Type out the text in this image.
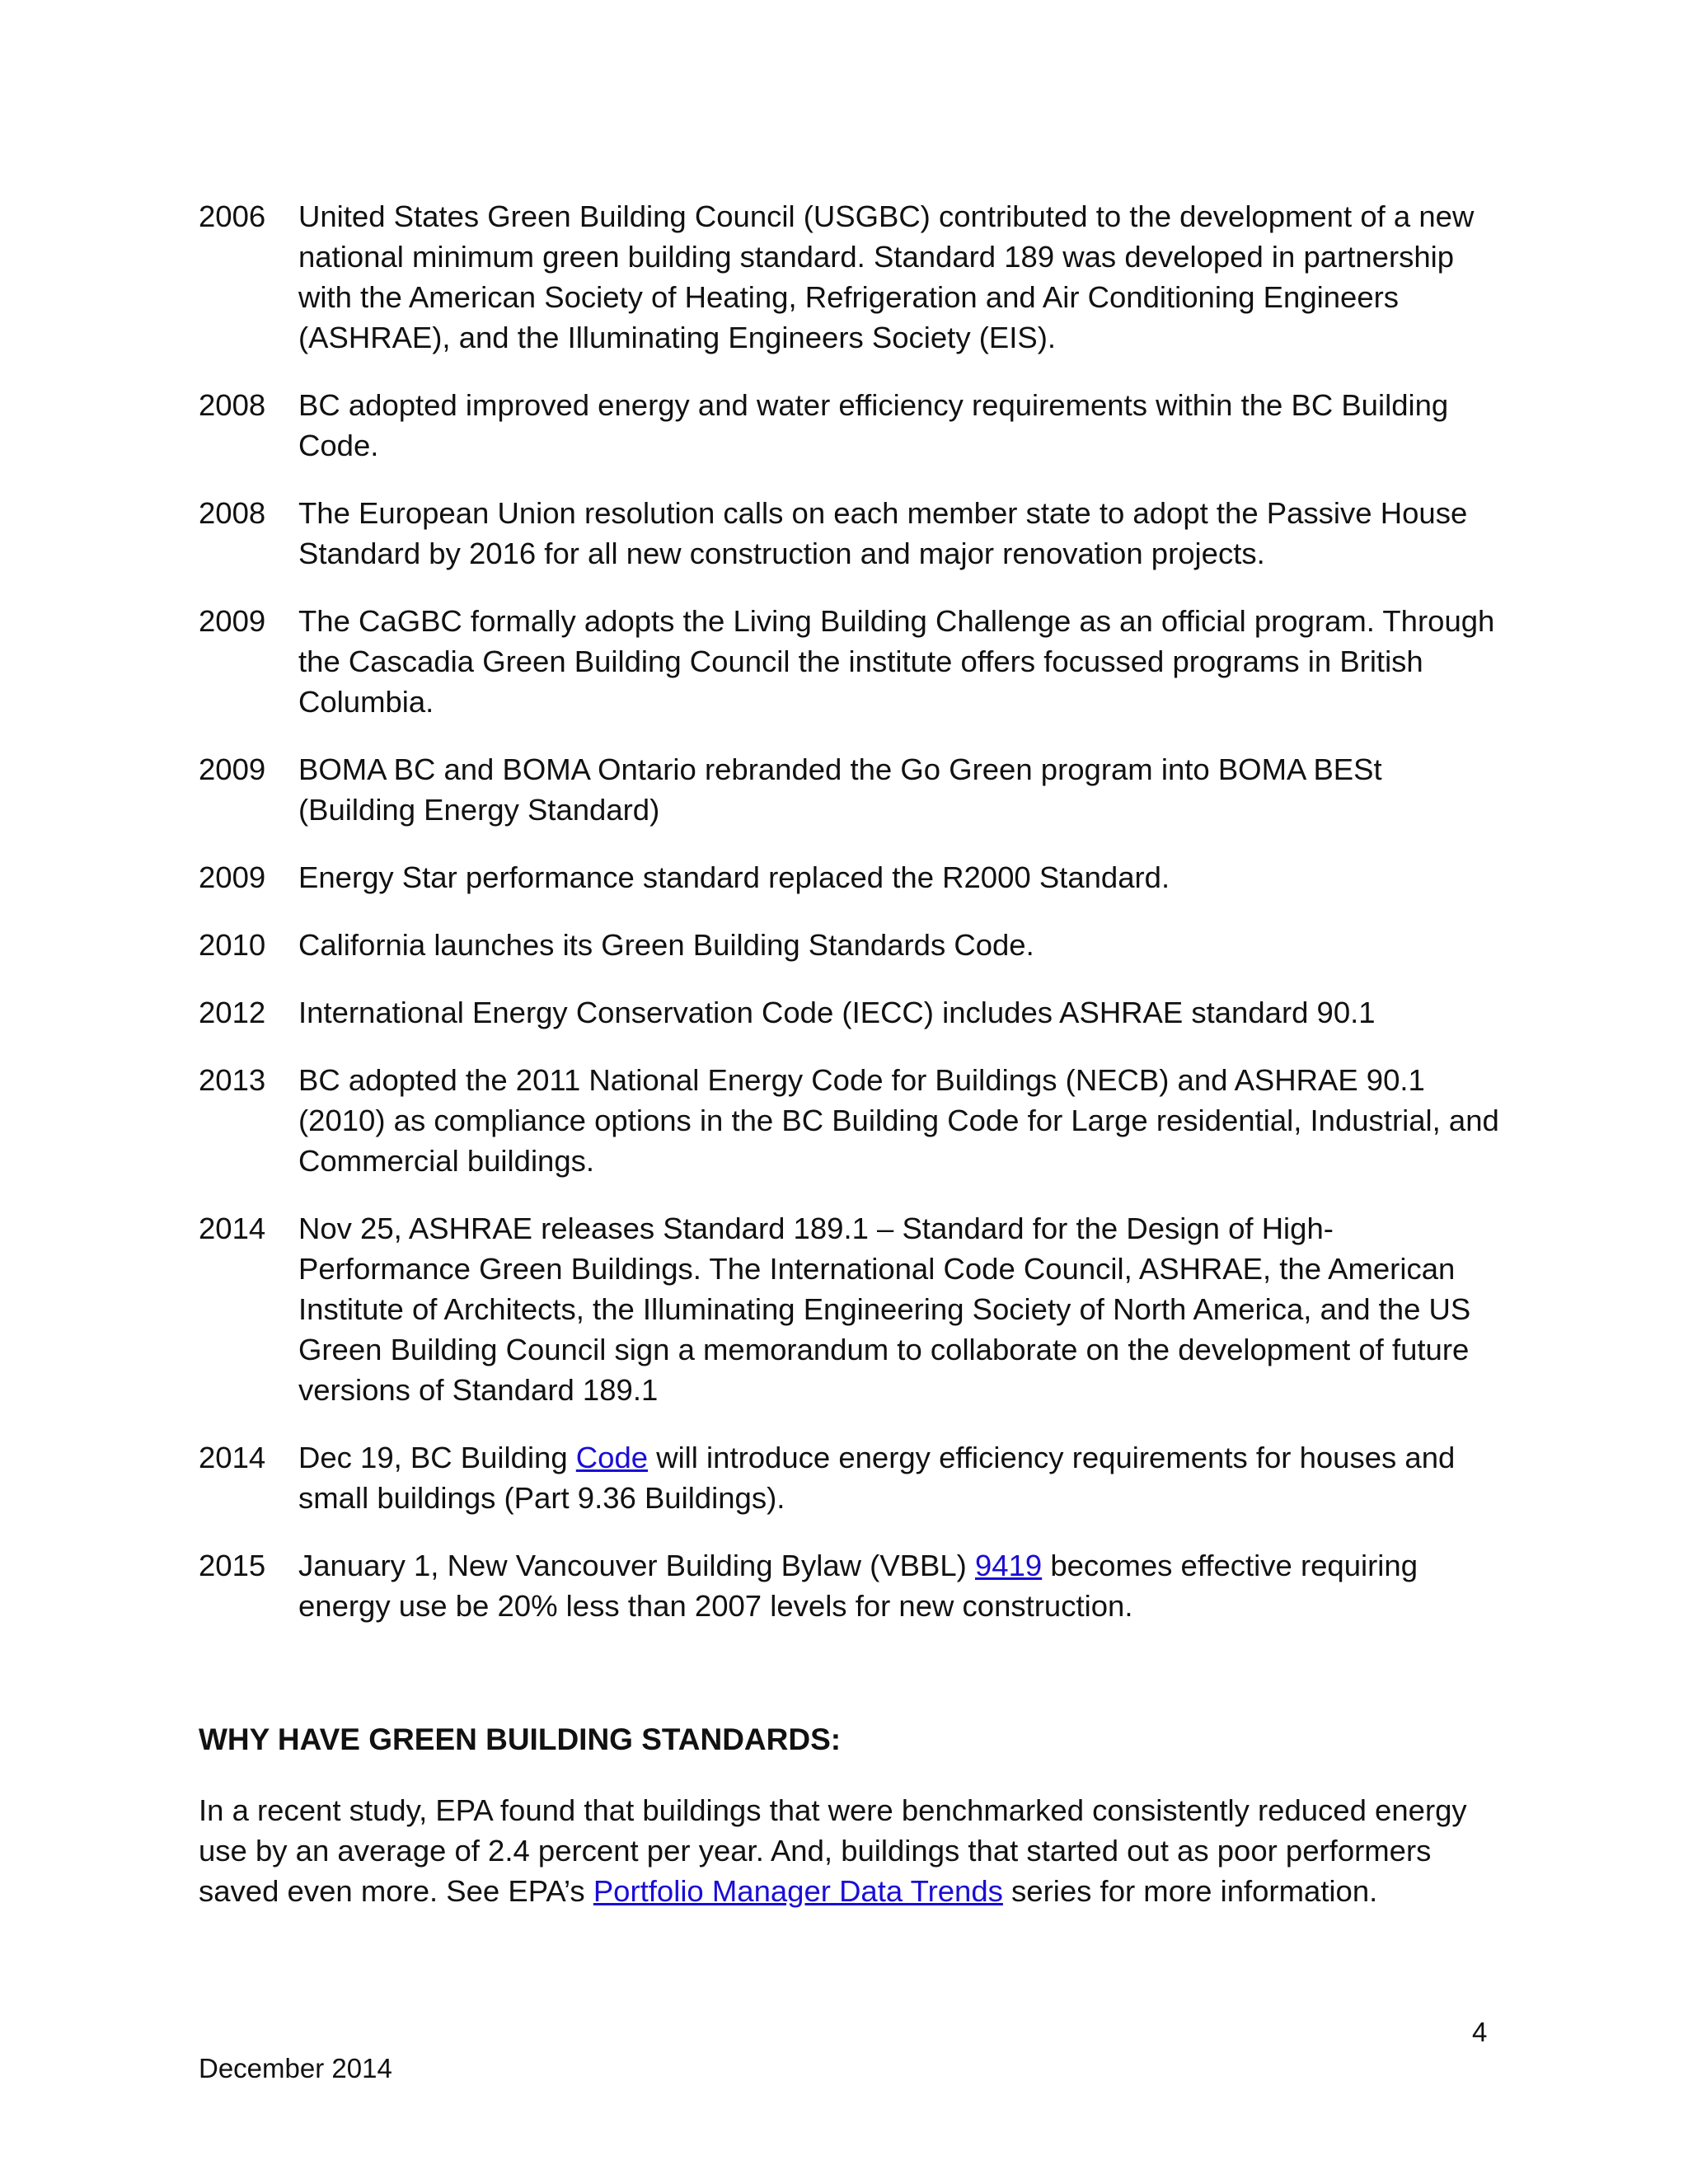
2006	United States Green Building Council (USGBC) contributed to the development of a new national minimum green building standard. Standard 189 was developed in partnership with the American Society of Heating, Refrigeration and Air Conditioning Engineers (ASHRAE), and the Illuminating Engineers Society (EIS).
2008	BC adopted improved energy and water efficiency requirements within the BC Building Code.
2008	The European Union resolution calls on each member state to adopt the Passive House Standard by 2016 for all new construction and major renovation projects.
2009	The CaGBC formally adopts the Living Building Challenge as an official program. Through the Cascadia Green Building Council the institute offers focussed programs in British Columbia.
2009	BOMA BC and BOMA Ontario rebranded the Go Green program into BOMA BESt (Building Energy Standard)
2009	Energy Star performance standard replaced the R2000 Standard.
2010	California launches its Green Building Standards Code.
2012	International Energy Conservation Code (IECC) includes ASHRAE standard 90.1
2013	BC adopted the 2011 National Energy Code for Buildings (NECB) and ASHRAE 90.1 (2010) as compliance options in the BC Building Code for Large residential, Industrial, and Commercial buildings.
2014	Nov 25, ASHRAE releases Standard 189.1 – Standard for the Design of High-Performance Green Buildings. The International Code Council, ASHRAE, the American Institute of Architects, the Illuminating Engineering Society of North America, and the US Green Building Council sign a memorandum to collaborate on the development of future versions of Standard 189.1
2014	Dec 19, BC Building Code will introduce energy efficiency requirements for houses and small buildings (Part 9.36 Buildings).
2015	January 1, New Vancouver Building Bylaw (VBBL) 9419 becomes effective requiring energy use be 20% less than 2007 levels for new construction.
WHY HAVE GREEN BUILDING STANDARDS:

In a recent study, EPA found that buildings that were benchmarked consistently reduced energy use by an average of 2.4 percent per year. And, buildings that started out as poor performers saved even more. See EPA’s Portfolio Manager Data Trends series for more information.

4
December 2014
